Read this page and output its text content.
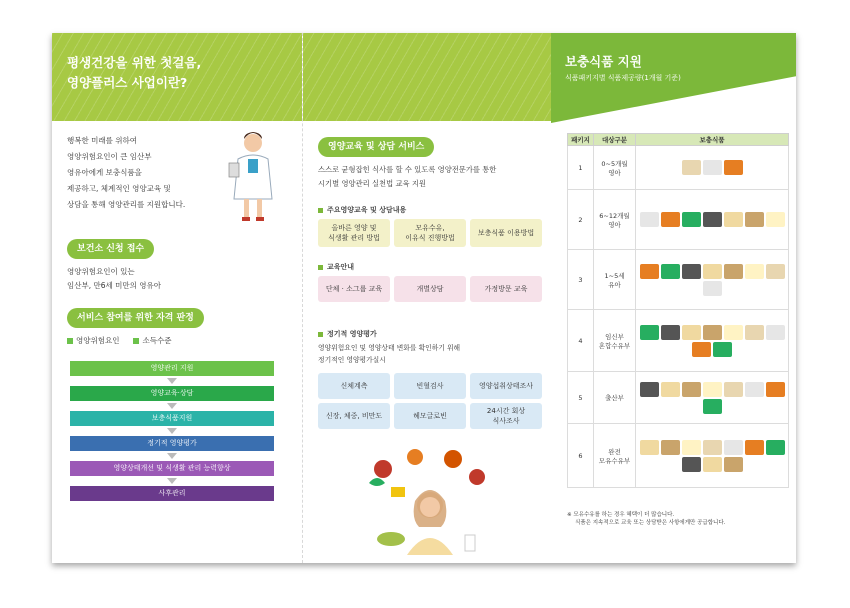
평생건강을 위한 첫걸음,
영양플러스 사업이란?
행복한 미래를 위하여
영양위험요인이 큰 임산부
영유아에게 보충식품을
제공하고, 체계적인 영양교육 및
상담을 통해 영양관리를 지원합니다.
보건소 신청 접수
영양위험요인이 있는
임산부, 만6세 미만의 영유아
서비스 참여를 위한 자격 판정
영양위험요인	소득수준
영양관리 지원
영양교육·상담
보충식품지원
정기적 영양평가
영양상태개선 및 식생활 관리 능력향상
사후관리
영양교육 및 상담 서비스
스스로 균형잡힌 식사를 할 수 있도록 영양전문가를 통한
시기별 영양관리 실천법 교육 지원
주요영양교육 및 상담내용
올바른 영양 및
식생활 관리 방법
모유수유,
이유식 진행방법
보충식품 이용방법
교육안내
단체 · 소그룹 교육	개별상담	가정방문 교육
정기적 영양평가
영양위험요인 및 영양상태 변화를 확인하기 위해
정기적인 영양평가실시
신체계측	빈혈검사	영양섭취상태조사
신장, 체중, 비만도	헤모글로빈
24시간 회상
식사조사
보충식품 지원
식품패키지별 식품제공량(1개월 기준)
패키지	대상구분	보충식품
1	0~5개월
영아	

2	6~12개월
영아	

3	1~5세
유아	

4	임신부
혼합수유부	

5	출산부	

6	완전
모유수유부	
※ 모유수유를 하는 경우 혜택이 더 많습니다.
식품은 지속적으로 교육 또는 상담받은 사항에게만 공급합니다.
